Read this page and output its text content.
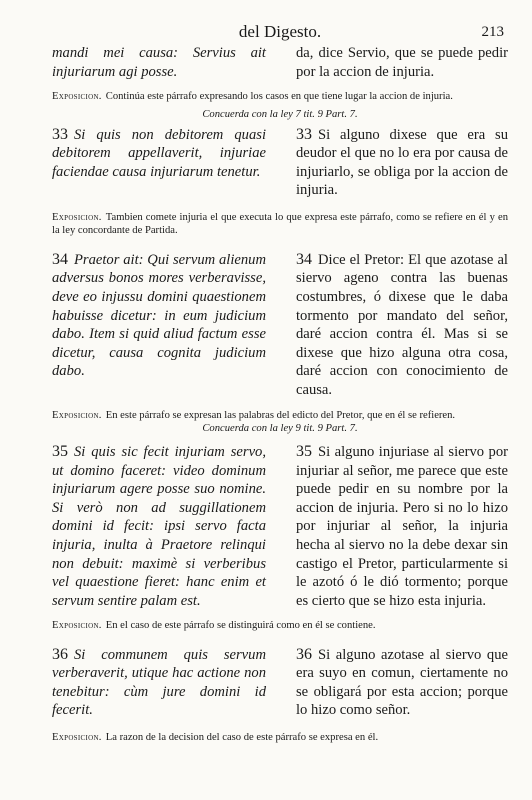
del Digesto.	213

mandi mei causa: Servius ait injuriarum agi posse.

da, dice Servio, que se puede pedir por la accion de injuria.

Exposicion. Continúa este párrafo expresando los casos en que tiene lugar la accion de injuria.

Concuerda con la ley 7 tit. 9 Part. 7.

33 Si quis non debitorem quasi debitorem appellaverit, injuriae faciendae causa injuriarum tenetur.

33 Si alguno dixese que era su deudor el que no lo era por causa de injuriarlo, se obliga por la accion de injuria.

Exposicion. Tambien comete injuria el que executa lo que expresa este párrafo, como se refiere en él y en la ley concordante de Partida.

34 Praetor ait: Qui servum alienum adversus bonos mores verberavisse, deve eo injussu domini quaestionem habuisse dicetur: in eum judicium dabo. Item si quid aliud factum esse dicetur, causa cognita judicium dabo.

34 Dice el Pretor: El que azotase al siervo ageno contra las buenas costumbres, ó dixese que le daba tormento por mandato del señor, daré accion contra él. Mas si se dixese que hizo alguna otra cosa, daré accion con conocimiento de causa.

Exposicion. En este párrafo se expresan las palabras del edicto del Pretor, que en él se refieren.

Concuerda con la ley 9 tit. 9 Part. 7.

35 Si quis sic fecit injuriam servo, ut domino faceret: video dominum injuriarum agere posse suo nomine. Si verò non ad suggillationem domini id fecit: ipsi servo facta injuria, inulta à Praetore relinqui non debuit: maximè si verberibus vel quaestione fieret: hanc enim et servum sentire palam est.

35 Si alguno injuriase al siervo por injuriar al señor, me parece que este puede pedir en su nombre por la accion de injuria. Pero si no lo hizo por injuriar al señor, la injuria hecha al siervo no la debe dexar sin castigo el Pretor, particularmente si le azotó ó le dió tormento; porque es cierto que se hizo esta injuria.

Exposicion. En el caso de este párrafo se distinguirá como en él se contiene.

36 Si communem quis servum verberaverit, utique hac actione non tenebitur: cùm jure domini id fecerit.

36 Si alguno azotase al siervo que era suyo en comun, ciertamente no se obligará por esta accion; porque lo hizo como señor.

Exposicion. La razon de la decision del caso de este párrafo se expresa en él.
